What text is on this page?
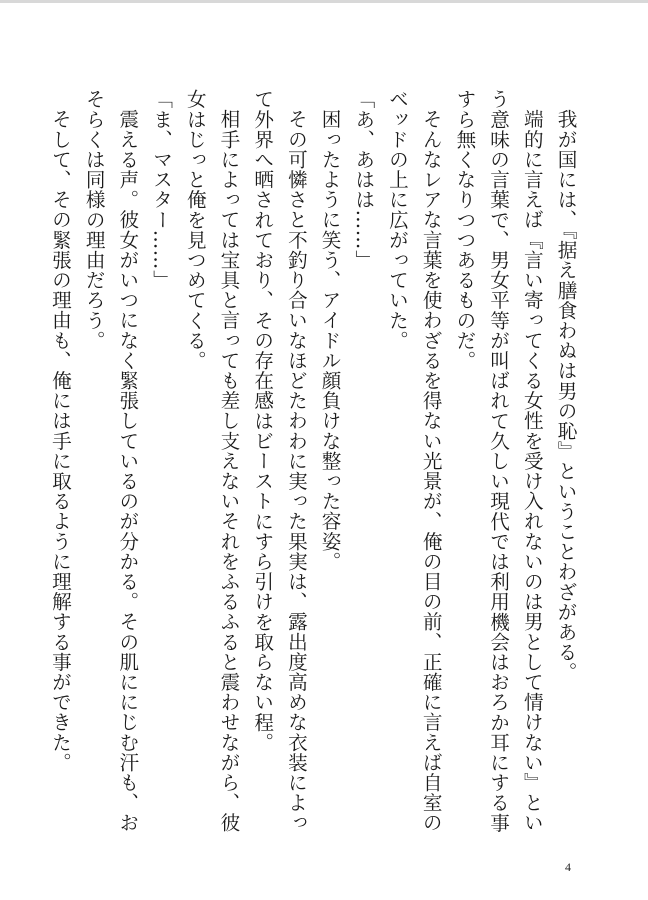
我が国には、『据え膳食わぬは男の恥』ということわざがある。

端的に言えば『言い寄ってくる女性を受け入れないのは男として情けない』とい

う意味の言葉で、男女平等が叫ばれて久しい現代では利用機会はおろか耳にする事

すら無くなりつつあるものだ。

そんなレアな言葉を使わざるを得ない光景が、俺の目の前、正確に言えば自室の

ベッドの上に広がっていた。

「あ、あはは……」

困ったように笑う、アイドル顔負けな整った容姿。

その可憐さと不釣り合いなほどたわわに実った果実は、露出度高めな衣装によっ

て外界へ晒されており、その存在感はビーストにすら引けを取らない程。

相手によっては宝具と言っても差し支えないそれをふるふると震わせながら、彼

女はじっと俺を見つめてくる。

「ま、マスター……」

震える声。彼女がいつになく緊張しているのが分かる。その肌ににじむ汗も、お

そらくは同様の理由だろう。

そして、その緊張の理由も、俺には手に取るように理解する事ができた。

4
